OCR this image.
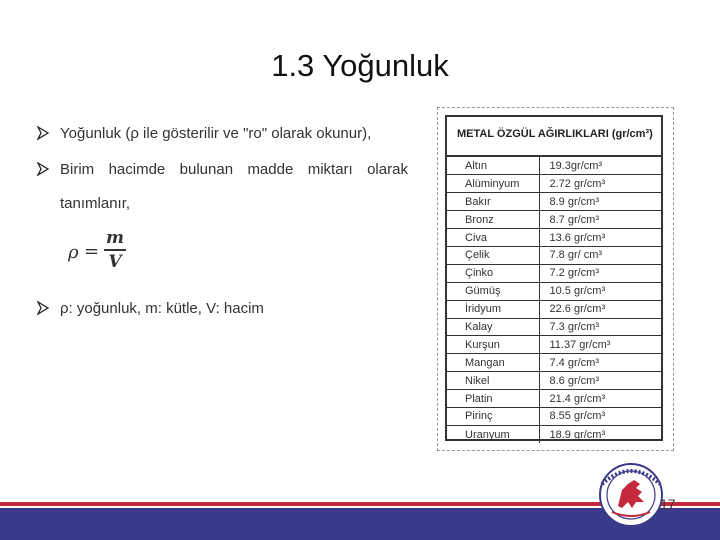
1.3 Yoğunluk
Yoğunluk (ρ ile gösterilir ve "ro" olarak okunur),
Birim hacimde bulunan madde miktarı olarak
tanımlanır,
ρ =
m
V
ρ: yoğunluk, m: kütle, V: hacim
METAL ÖZGÜL AĞIRLIKLARI (gr/cm³)
Altın	19.3gr/cm³
Alüminyum	2.72 gr/cm³
Bakır	8.9 gr/cm³
Bronz	8.7 gr/cm³
Civa	13.6 gr/cm³
Çelik	7.8 gr/ cm³
Çinko	7.2 gr/cm³
Gümüş	10.5 gr/cm³
İridyum	22.6 gr/cm³
Kalay	7.3 gr/cm³
Kurşun	11.37 gr/cm³
Mangan	7.4 gr/cm³
Nikel	8.6 gr/cm³
Platin	21.4 gr/cm³
Pirinç	8.55 gr/cm³
Uranyum	18.9 gr/cm³
17
